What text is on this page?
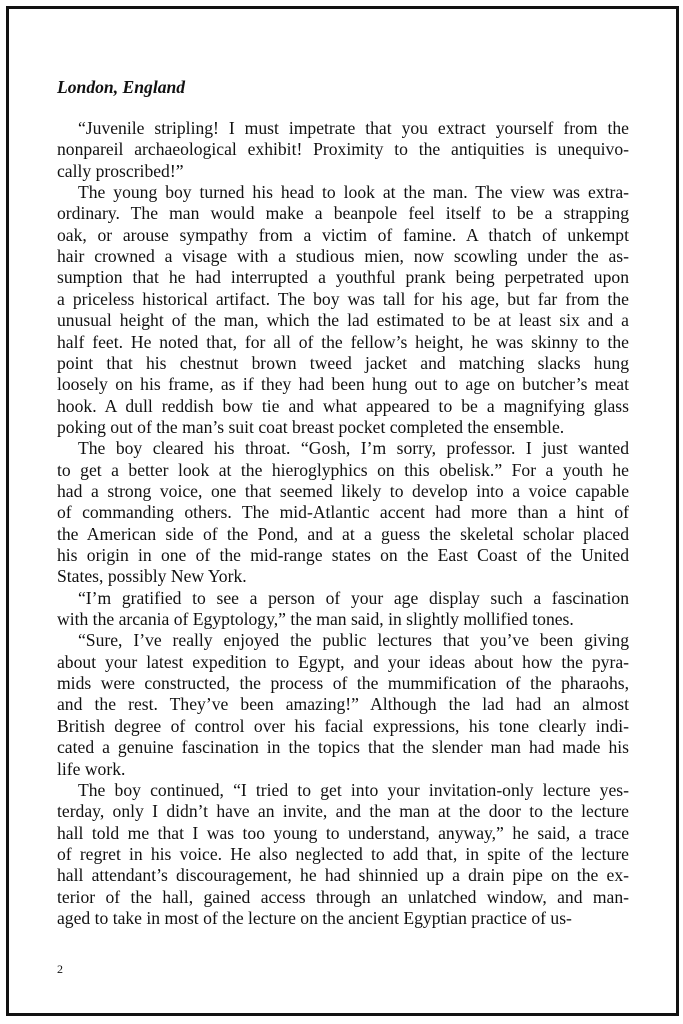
London, England
“Juvenile stripling! I must impetrate that you extract yourself from the
nonpareil archaeological exhibit! Proximity to the antiquities is unequivo-
cally proscribed!”
The young boy turned his head to look at the man. The view was extra-
ordinary. The man would make a beanpole feel itself to be a strapping
oak, or arouse sympathy from a victim of famine. A thatch of unkempt
hair crowned a visage with a studious mien, now scowling under the as-
sumption that he had interrupted a youthful prank being perpetrated upon
a priceless historical artifact. The boy was tall for his age, but far from the
unusual height of the man, which the lad estimated to be at least six and a
half feet. He noted that, for all of the fellow’s height, he was skinny to the
point that his chestnut brown tweed jacket and matching slacks hung
loosely on his frame, as if they had been hung out to age on butcher’s meat
hook. A dull reddish bow tie and what appeared to be a magnifying glass
poking out of the man’s suit coat breast pocket completed the ensemble.
The boy cleared his throat. “Gosh, I’m sorry, professor. I just wanted
to get a better look at the hieroglyphics on this obelisk.” For a youth he
had a strong voice, one that seemed likely to develop into a voice capable
of commanding others. The mid-Atlantic accent had more than a hint of
the American side of the Pond, and at a guess the skeletal scholar placed
his origin in one of the mid-range states on the East Coast of the United
States, possibly New York.
“I’m gratified to see a person of your age display such a fascination
with the arcania of Egyptology,” the man said, in slightly mollified tones.
“Sure, I’ve really enjoyed the public lectures that you’ve been giving
about your latest expedition to Egypt, and your ideas about how the pyra-
mids were constructed, the process of the mummification of the pharaohs,
and the rest. They’ve been amazing!” Although the lad had an almost
British degree of control over his facial expressions, his tone clearly indi-
cated a genuine fascination in the topics that the slender man had made his
life work.
The boy continued, “I tried to get into your invitation-only lecture yes-
terday, only I didn’t have an invite, and the man at the door to the lecture
hall told me that I was too young to understand, anyway,” he said, a trace
of regret in his voice. He also neglected to add that, in spite of the lecture
hall attendant’s discouragement, he had shinnied up a drain pipe on the ex-
terior of the hall, gained access through an unlatched window, and man-
aged to take in most of the lecture on the ancient Egyptian practice of us-
2
